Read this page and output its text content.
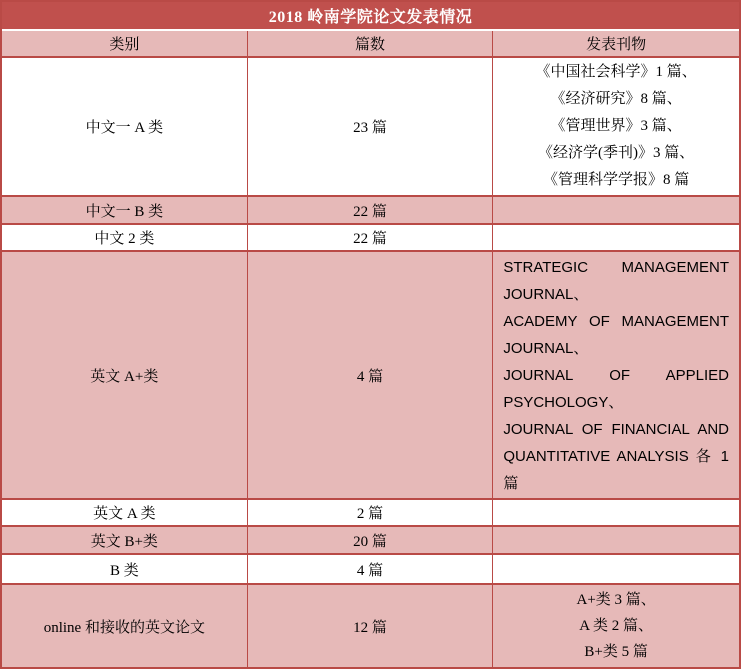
2018 岭南学院论文发表情况
类别	篇数	发表刊物
中文一 A 类	23 篇
《中国社会科学》1 篇、
《经济研究》8 篇、
《管理世界》3 篇、
《经济学(季刊)》3 篇、
《管理科学学报》8 篇
中文一 B 类	22 篇
中文 2 类	22 篇
英文 A+类	4 篇
STRATEGIC MANAGEMENT JOURNAL、
ACADEMY OF MANAGEMENT JOURNAL、
JOURNAL OF APPLIED PSYCHOLOGY、
JOURNAL OF FINANCIAL AND QUANTITATIVE ANALYSIS 各 1 篇
英文 A 类	2 篇
英文 B+类	20 篇
B 类	4 篇
online 和接收的英文论文	12 篇
A+类 3 篇、
A 类 2 篇、
B+类 5 篇
